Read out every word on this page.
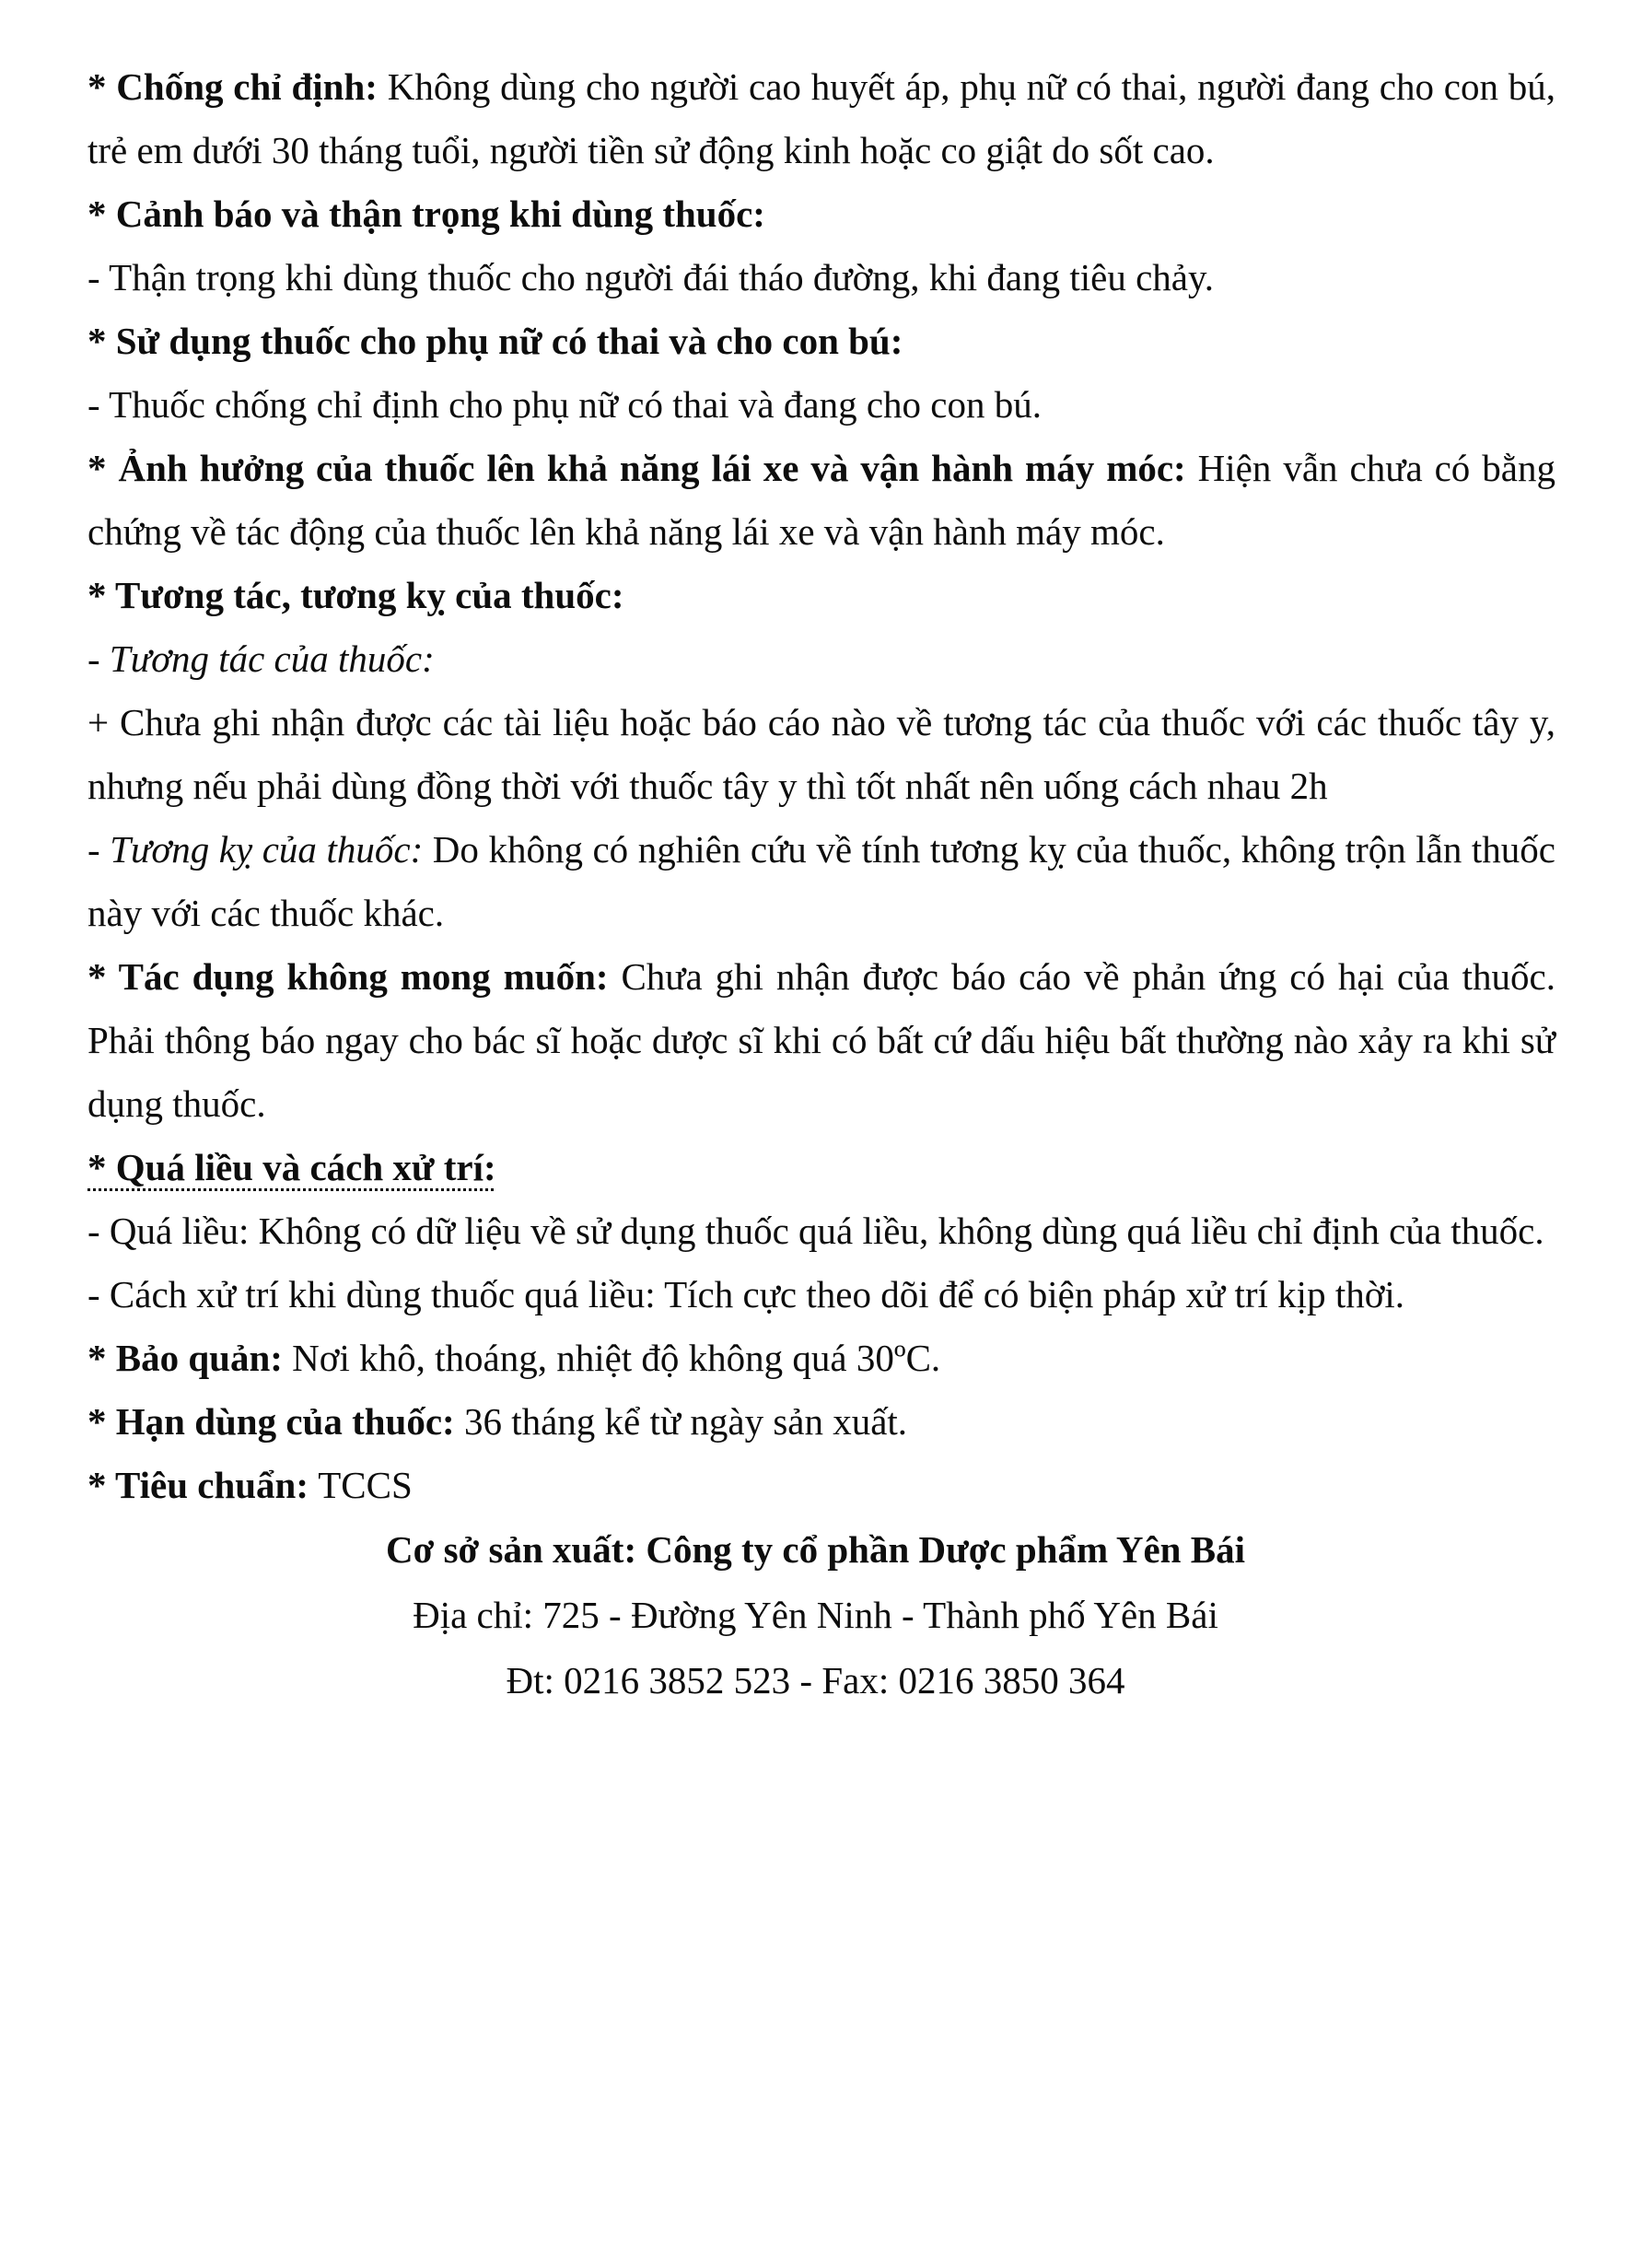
* Chống chỉ định: Không dùng cho người cao huyết áp, phụ nữ có thai, người đang cho con bú, trẻ em dưới 30 tháng tuổi, người tiền sử động kinh hoặc co giật do sốt cao.

* Cảnh báo và thận trọng khi dùng thuốc:

- Thận trọng khi dùng thuốc cho người đái tháo đường, khi đang tiêu chảy.

* Sử dụng thuốc cho phụ nữ có thai và cho con bú:

- Thuốc chống chỉ định cho phụ nữ có thai và đang cho con bú.

* Ảnh hưởng của thuốc lên khả năng lái xe và vận hành máy móc: Hiện vẫn chưa có bằng chứng về tác động của thuốc lên khả năng lái xe và vận hành máy móc.

* Tương tác, tương kỵ của thuốc:

- Tương tác của thuốc:

+ Chưa ghi nhận được các tài liệu hoặc báo cáo nào về tương tác của thuốc với các thuốc tây y, nhưng nếu phải dùng đồng thời với thuốc tây y thì tốt nhất nên uống cách nhau 2h

- Tương kỵ của thuốc: Do không có nghiên cứu về tính tương kỵ của thuốc, không trộn lẫn thuốc này với các thuốc khác.

* Tác dụng không mong muốn: Chưa ghi nhận được báo cáo về phản ứng có hại của thuốc. Phải thông báo ngay cho bác sĩ hoặc dược sĩ khi có bất cứ dấu hiệu bất thường nào xảy ra khi sử dụng thuốc.

* Quá liều và cách xử trí:

- Quá liều: Không có dữ liệu về sử dụng thuốc quá liều, không dùng quá liều chỉ định của thuốc.

- Cách xử trí khi dùng thuốc quá liều: Tích cực theo dõi để có biện pháp xử trí kịp thời.

* Bảo quản: Nơi khô, thoáng, nhiệt độ không quá 30ºC.

* Hạn dùng của thuốc: 36 tháng kể từ ngày sản xuất.

* Tiêu chuẩn: TCCS

Cơ sở sản xuất: Công ty cổ phần Dược phẩm Yên Bái

Địa chỉ: 725 - Đường Yên Ninh - Thành phố Yên Bái

Đt: 0216 3852 523 - Fax: 0216 3850 364
